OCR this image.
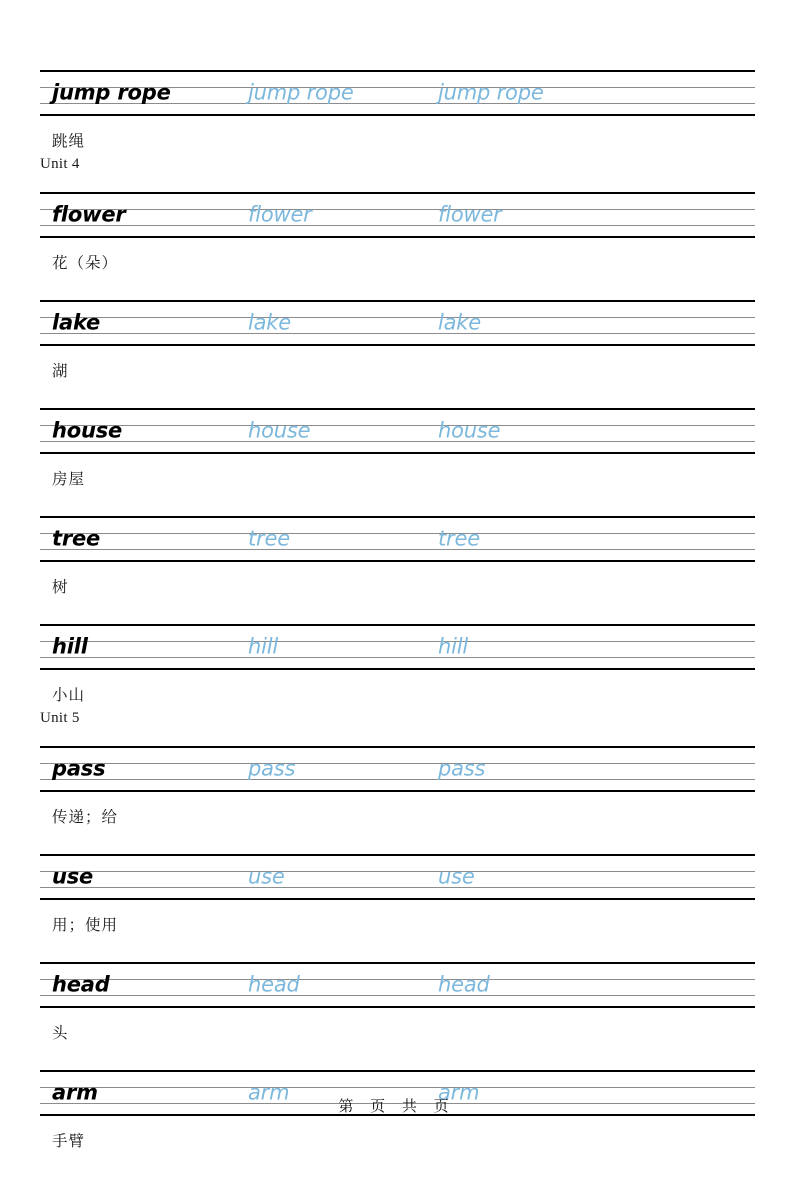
jump rope	jump rope	jump rope
跳绳
Unit 4
flower	flower	flower
花（朵）
lake	lake	lake
湖
house	house	house
房屋
tree	tree	tree
树
hill	hill	hill
小山
Unit 5
pass	pass	pass
传递；给
use	use	use
用；使用
head	head	head
头
arm	arm	arm
手臂
第 页 共 页
